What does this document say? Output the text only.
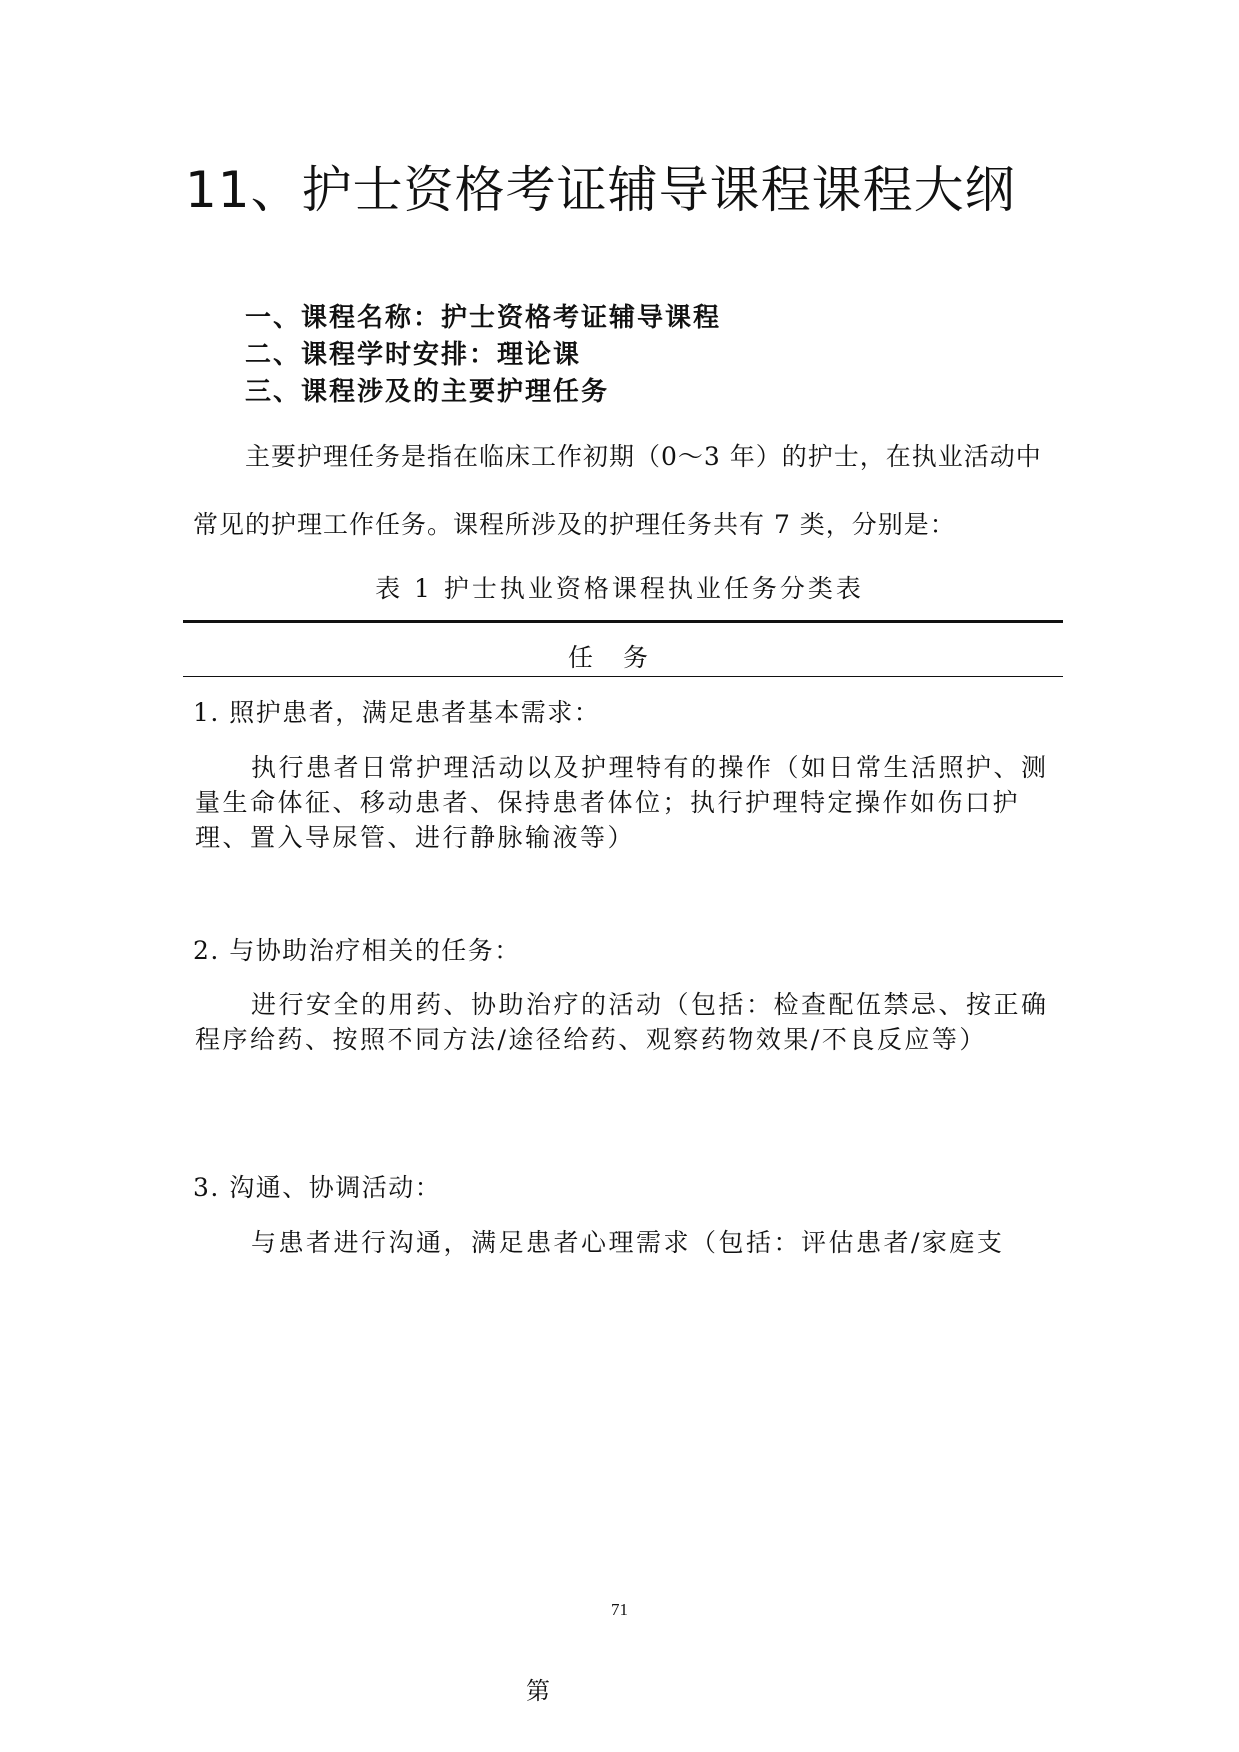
11、护士资格考证辅导课程课程大纲
一、课程名称：护士资格考证辅导课程
二、课程学时安排：理论课
三、课程涉及的主要护理任务
主要护理任务是指在临床工作初期（0～3 年）的护士，在执业活动中
常见的护理工作任务。课程所涉及的护理任务共有 7 类，分别是：
表 1 护士执业资格课程执业任务分类表
任务
1. 照护患者，满足患者基本需求：
执行患者日常护理活动以及护理特有的操作（如日常生活照护、测量生命体征、移动患者、保持患者体位；执行护理特定操作如伤口护理、置入导尿管、进行静脉输液等）
2. 与协助治疗相关的任务：
进行安全的用药、协助治疗的活动（包括：检查配伍禁忌、按正确程序给药、按照不同方法/途径给药、观察药物效果/不良反应等）
3. 沟通、协调活动：
与患者进行沟通，满足患者心理需求（包括：评估患者/家庭支
71
第
